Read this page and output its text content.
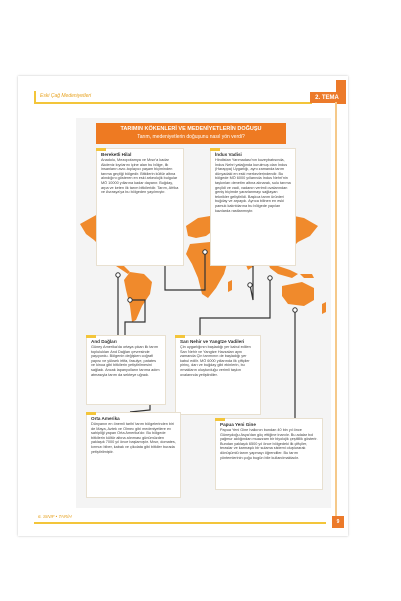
Eski Çağ Medeniyetleri	2. TEMA
TARIMIN KÖKENLERİ VE MEDENİYETLERİN DOĞUŞU
Tarım, medeniyetlerin doğuşunu nasıl yön verdi?
Bereketli Hilal
Anadolu, Mezopotamya ve Mısır'a kadar Akdeniz kıyılarını içine alan bu bölge, ilk insanların avcı-toplayıcı yaşam biçiminden tarıma geçtiği bölgedir. Bitkilerin kültür altına alındığını gösteren en eski arkeolojik bulgular MÖ 10000 yıllarına kadar dayanır. Buğday, arpa ve keten ilk tarım bitkileridir. Tarım, Afrika ve Avrasya'ya bu bölgeden yayılmıştır.
İndus Vadisi
Hindistan Yarımadası'nın kuzeybatısında, İndus Nehri yatağında kurulmuş olan İndus (Harappa) Uygarlığı, aynı zamanda tarım dünyadaki en eski merkezlerindendir. Bu bölgede MÖ 6000 yıllarında İndus Nehri'nin taşkınları denetim altına alınarak, sulu tarıma geçildi ve vadi, vadanın verimli ovalarından geniş biçimde yararlanmayı sağlayan teknikler geliştirildi. Başlıca tarım ürünleri buğday ve arpaydı. Ayrıca bilinen en eski pamuk kalıntılarına bu bölgede yapılan kazılarda rastlanmıştır.
And Dağları
Güney Amerika'da ortaya çıkan ilk tarım toplulukları And Dağları çevresinde yaşıyordu. Bölgenin değişken coğrafi yapısı ve yüksek irtifa, fasulye, patates ve kinoa gibi bitkilerin yetiştirilmesini sağladı. Ancak lapanyolların tarıma adım atmasıyla tarım da sekteye uğradı.
Sarı Nehir ve Yangtze Vadileri
Çin uygarlığının başladığı yer kabul edilen Sarı Nehir ve Yangtze Havzaları aynı zamanda Çin tarımının de başladığı yer kabul edilir. MÖ 6000 yıllarında ilk çiftçiler pirinç, darı ve buğday gibi ekinlerin, bu ırmakların oluşturduğu verimli taşkın ovalarında yetiştirdiler.
Orta Amerika
Dünyanın en önemli tarihî tarım bölgelerinden biri de Maya, Aztek ve Olmec gibi medeniyetlere ev sahipliği yapan Orta Amerika'dır. Bu bölgede bitkilerin kültür altına alınması günümüzden yaklaşık 7000 yıl önce başlamıştır. Mısır, domates, kırmızı biber, kabak ve çikolata gibi bitkiler burada yetiştirilmiştir.
Papua Yeni Gine
Papua Yeni Gine halkının bundan 40 bin yıl önce Güneydoğu Asya'dan göç ettiğine inanılır. Bu adalar bol yağmur aldığından muazzam bir biyolojik çeşitlilik gösterir. Bundan yaklaşık 6500 yıl önce bölgedeki ilk çiftçiler, teraslar ve karmaşık bir sulama sistemi oluşturarak dönüşümlü tarım yapmayı öğrendiler. Bu tarım yöntemlerinin çoğu bugün bile kullanılmaktadır.
6. SINIF • TARİH
9
